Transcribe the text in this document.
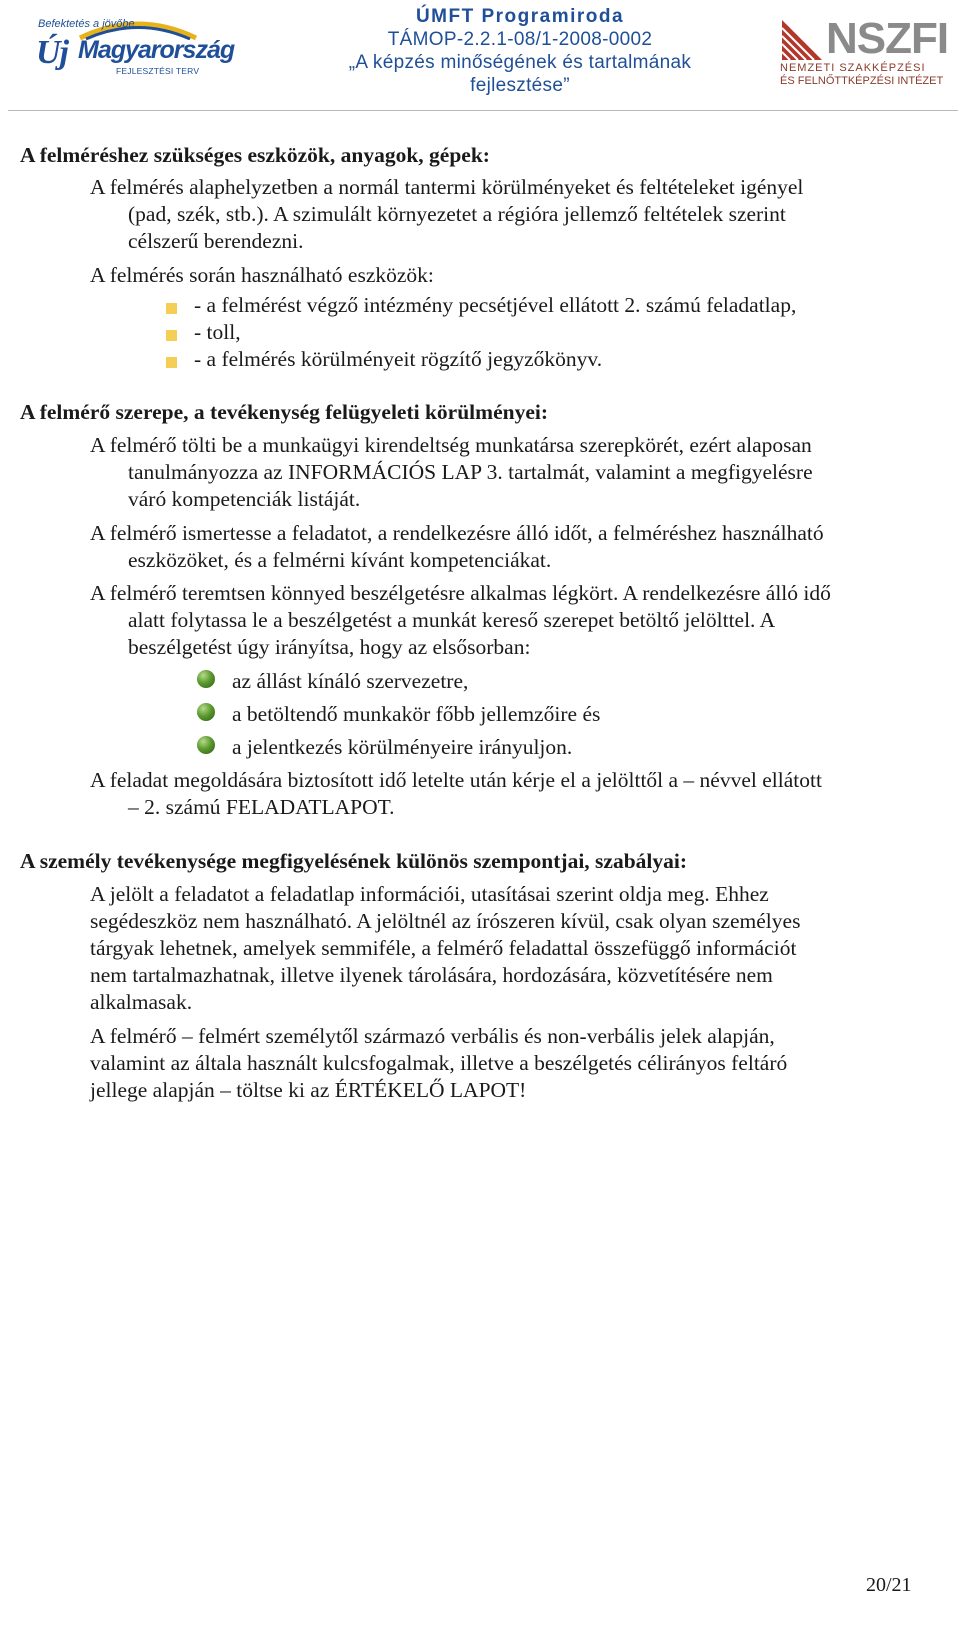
Befektetés a jövőbe
Új Magyarország
FEJLESZTÉSI TERV
ÚMFT Programiroda
TÁMOP-2.2.1-08/1-2008-0002
„A képzés minőségének és tartalmának
fejlesztése”
NSZFI
NEMZETI SZAKKÉPZÉSI
ÉS FELNŐTTKÉPZÉSI INTÉZET
A felméréshez szükséges eszközök, anyagok, gépek:
A felmérés alaphelyzetben a normál tantermi körülményeket és feltételeket igényel
(pad, szék, stb.). A szimulált környezetet a régióra jellemző feltételek szerint
célszerű berendezni.
A felmérés során használható eszközök:
- a felmérést végző intézmény pecsétjével ellátott 2. számú feladatlap,
- toll,
- a felmérés körülményeit rögzítő jegyzőkönyv.
A felmérő szerepe, a tevékenység felügyeleti körülményei:
A felmérő tölti be a munkaügyi kirendeltség munkatársa szerepkörét, ezért alaposan
tanulmányozza az INFORMÁCIÓS LAP 3. tartalmát, valamint a megfigyelésre
váró kompetenciák listáját.
A felmérő ismertesse a feladatot, a rendelkezésre álló időt, a felméréshez használható
eszközöket, és a felmérni kívánt kompetenciákat.
A felmérő teremtsen könnyed beszélgetésre alkalmas légkört. A rendelkezésre álló idő
alatt folytassa le a beszélgetést a munkát kereső szerepet betöltő jelölttel. A
beszélgetést úgy irányítsa, hogy az elsősorban:
az állást kínáló szervezetre,
a betöltendő munkakör főbb jellemzőire és
a jelentkezés körülményeire irányuljon.
A feladat megoldására biztosított idő letelte után kérje el a jelölttől a – névvel ellátott
– 2. számú FELADATLAPOT.
A személy tevékenysége megfigyelésének különös szempontjai, szabályai:
A jelölt a feladatot a feladatlap információi, utasításai szerint oldja meg. Ehhez
segédeszköz nem használható. A jelöltnél az írószeren kívül, csak olyan személyes
tárgyak lehetnek, amelyek semmiféle, a felmérő feladattal összefüggő információt
nem tartalmazhatnak, illetve ilyenek tárolására, hordozására, közvetítésére nem
alkalmasak.
A felmérő – felmért személytől származó verbális és non-verbális jelek alapján,
valamint az általa használt kulcsfogalmak, illetve a beszélgetés célirányos feltáró
jellege alapján – töltse ki az ÉRTÉKELŐ LAPOT!
20/21
